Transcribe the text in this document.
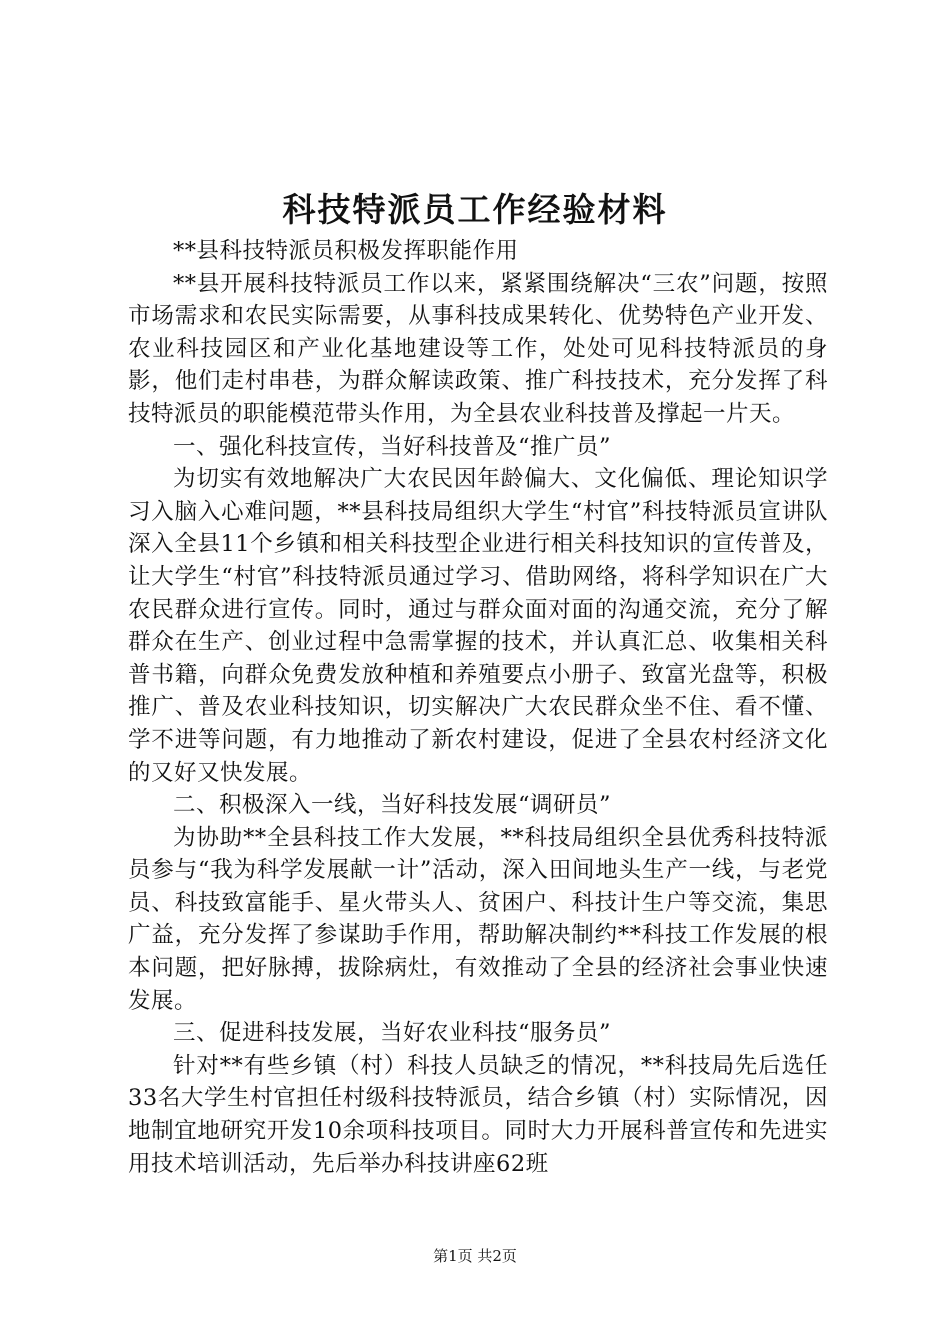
科技特派员工作经验材料

**县科技特派员积极发挥职能作用

**县开展科技特派员工作以来，紧紧围绕解决“三农”问题，按照市场需求和农民实际需要，从事科技成果转化、优势特色产业开发、农业科技园区和产业化基地建设等工作，处处可见科技特派员的身影，他们走村串巷，为群众解读政策、推广科技技术，充分发挥了科技特派员的职能模范带头作用，为全县农业科技普及撑起一片天。

一、强化科技宣传，当好科技普及“推广员”

为切实有效地解决广大农民因年龄偏大、文化偏低、理论知识学习入脑入心难问题，**县科技局组织大学生“村官”科技特派员宣讲队深入全县11个乡镇和相关科技型企业进行相关科技知识的宣传普及，让大学生“村官”科技特派员通过学习、借助网络，将科学知识在广大农民群众进行宣传。同时，通过与群众面对面的沟通交流，充分了解群众在生产、创业过程中急需掌握的技术，并认真汇总、收集相关科普书籍，向群众免费发放种植和养殖要点小册子、致富光盘等，积极推广、普及农业科技知识，切实解决广大农民群众坐不住、看不懂、学不进等问题，有力地推动了新农村建设，促进了全县农村经济文化的又好又快发展。

二、积极深入一线，当好科技发展“调研员”

为协助**全县科技工作大发展，**科技局组织全县优秀科技特派员参与“我为科学发展献一计”活动，深入田间地头生产一线，与老党员、科技致富能手、星火带头人、贫困户、科技计生户等交流，集思广益，充分发挥了参谋助手作用，帮助解决制约**科技工作发展的根本问题，把好脉搏，拔除病灶，有效推动了全县的经济社会事业快速发展。

三、促进科技发展，当好农业科技“服务员”

针对**有些乡镇（村）科技人员缺乏的情况，**科技局先后选任33名大学生村官担任村级科技特派员，结合乡镇（村）实际情况，因地制宜地研究开发10余项科技项目。同时大力开展科普宣传和先进实用技术培训活动，先后举办科技讲座62班

第1页 共2页
